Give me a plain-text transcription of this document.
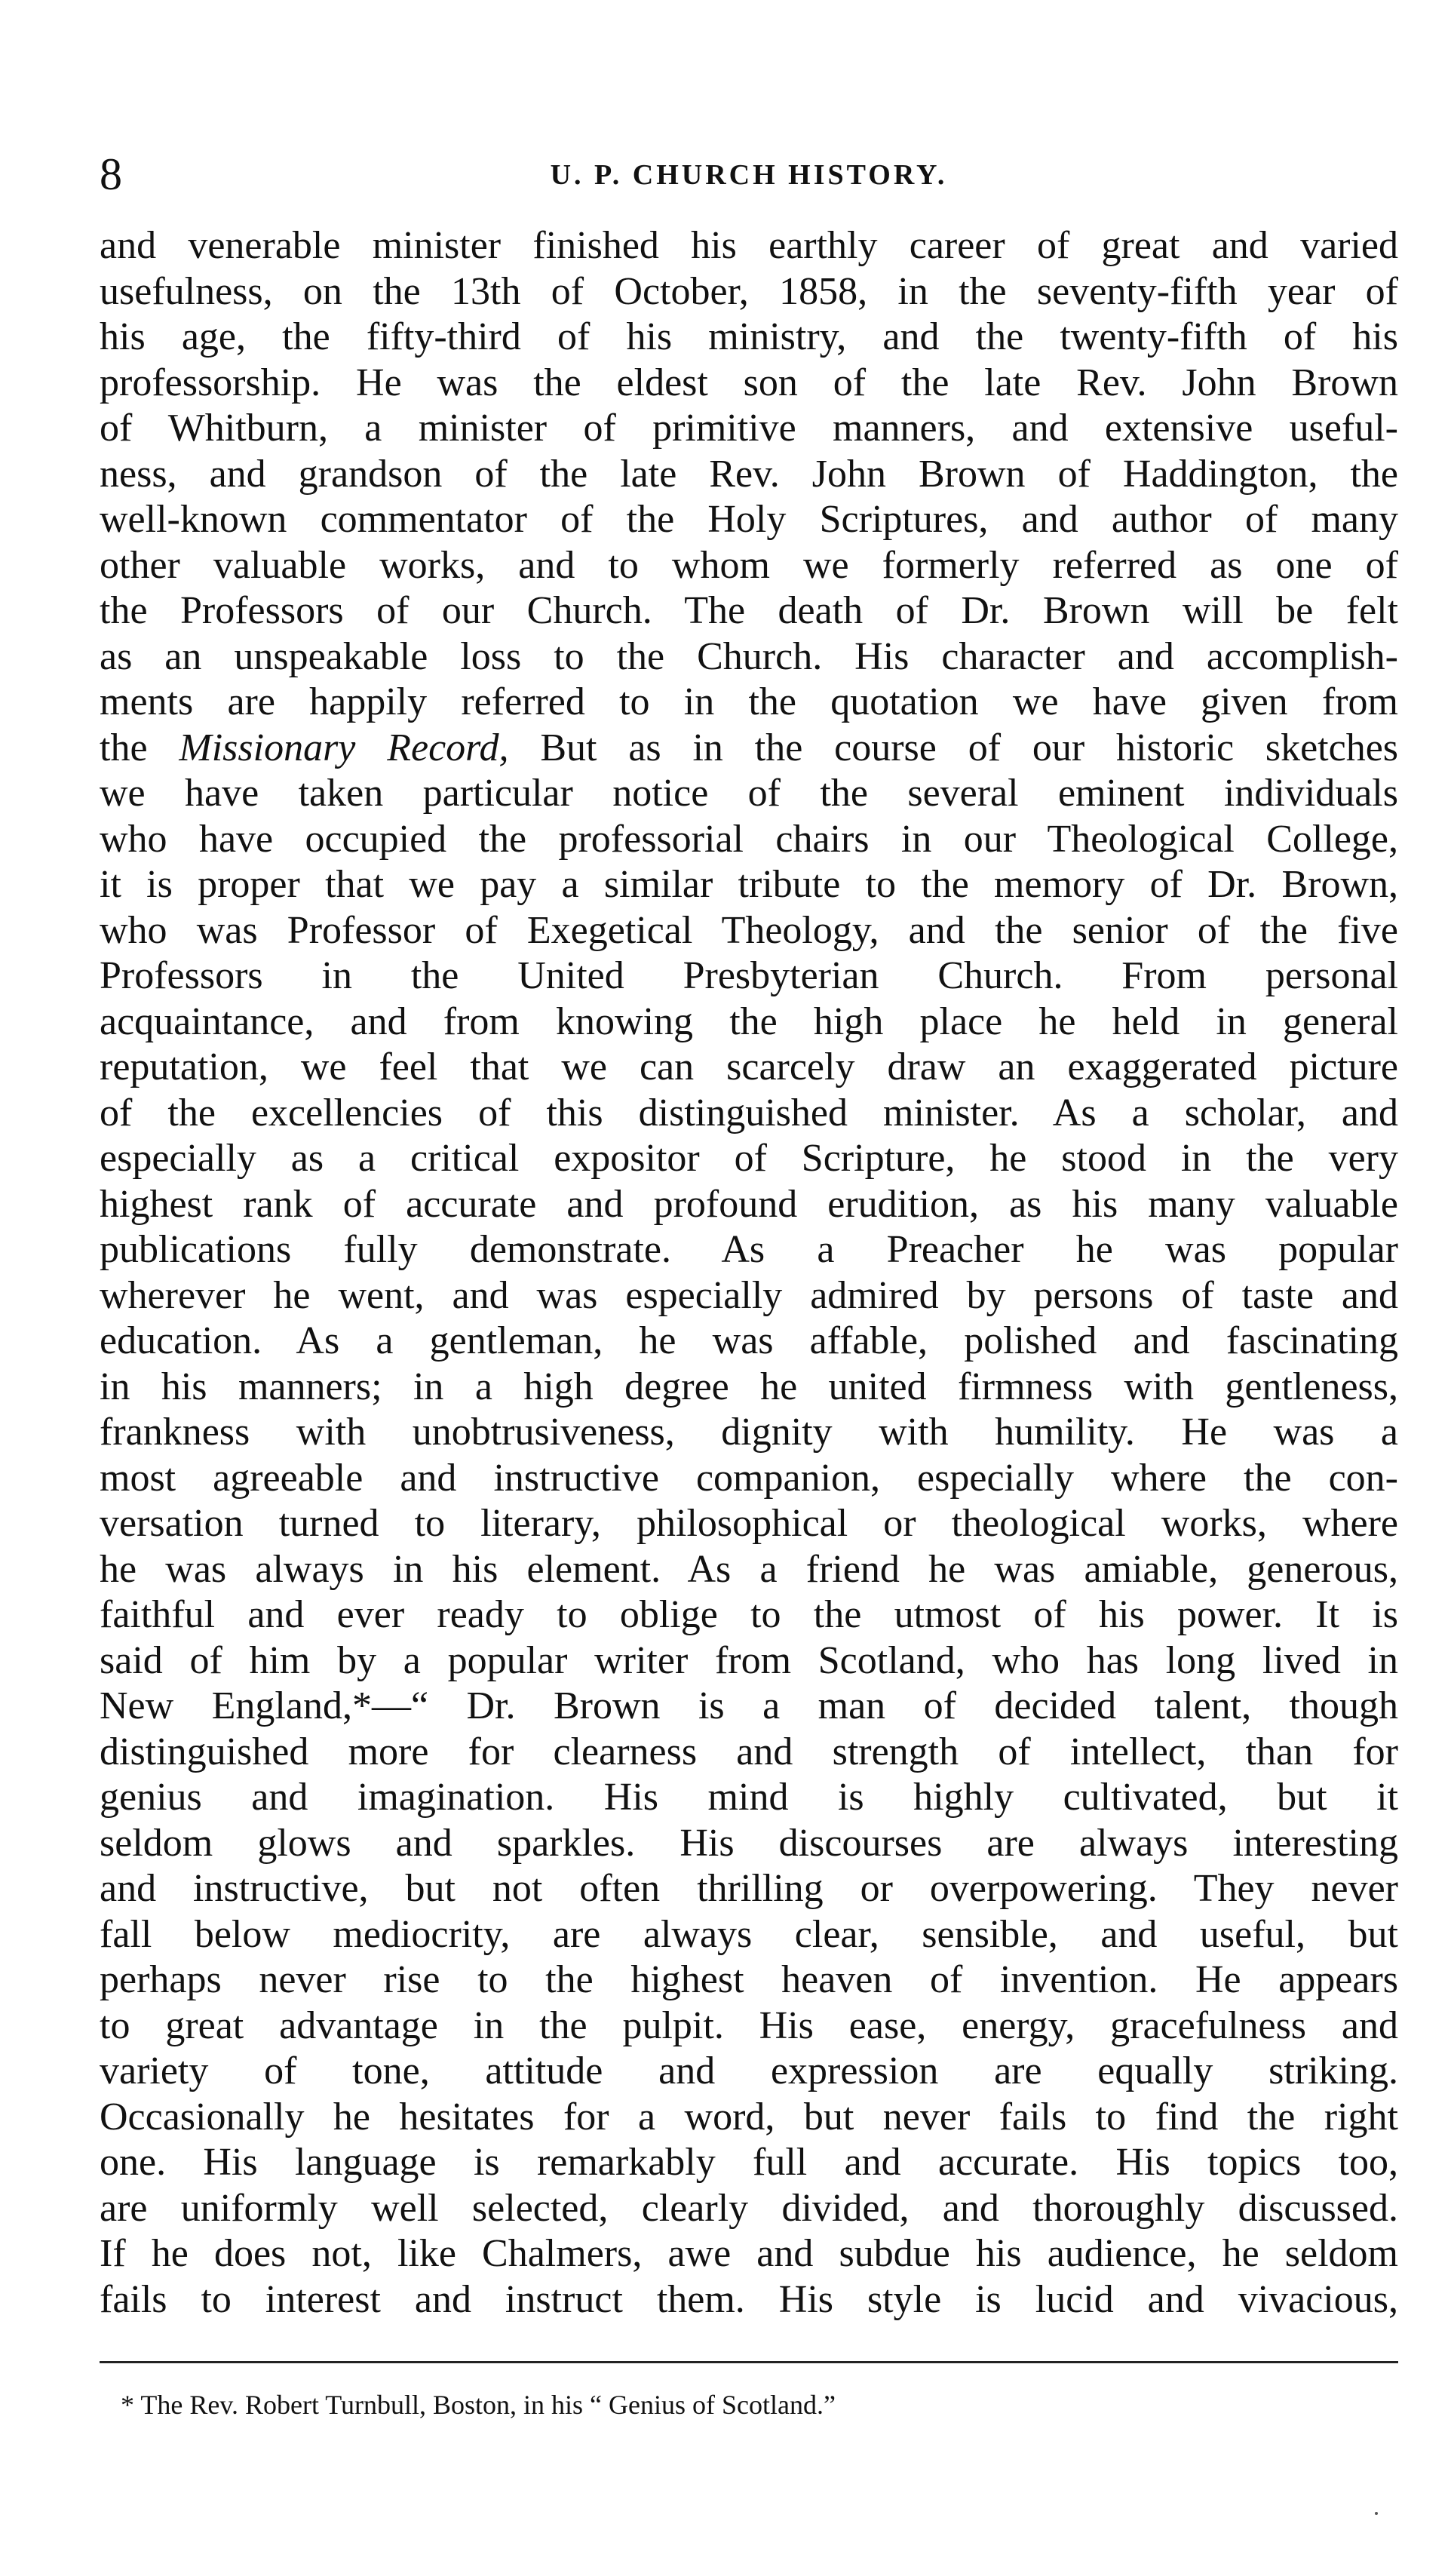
8	U. P. CHURCH HISTORY.
and venerable minister finished his earthly career of great and varied
usefulness, on the 13th of October, 1858, in the seventy-fifth year of
his age, the fifty-third of his ministry, and the twenty-fifth of his
professorship. He was the eldest son of the late Rev. John Brown
of Whitburn, a minister of primitive manners, and extensive useful-
ness, and grandson of the late Rev. John Brown of Haddington, the
well-known commentator of the Holy Scriptures, and author of many
other valuable works, and to whom we formerly referred as one of
the Professors of our Church. The death of Dr. Brown will be felt
as an unspeakable loss to the Church. His character and accomplish-
ments are happily referred to in the quotation we have given from
the Missionary Record, But as in the course of our historic sketches
we have taken particular notice of the several eminent individuals
who have occupied the professorial chairs in our Theological College,
it is proper that we pay a similar tribute to the memory of Dr. Brown,
who was Professor of Exegetical Theology, and the senior of the five
Professors in the United Presbyterian Church. From personal
acquaintance, and from knowing the high place he held in general
reputation, we feel that we can scarcely draw an exaggerated picture
of the excellencies of this distinguished minister. As a scholar, and
especially as a critical expositor of Scripture, he stood in the very
highest rank of accurate and profound erudition, as his many valuable
publications fully demonstrate. As a Preacher he was popular
wherever he went, and was especially admired by persons of taste and
education. As a gentleman, he was affable, polished and fascinating
in his manners; in a high degree he united firmness with gentleness,
frankness with unobtrusiveness, dignity with humility. He was a
most agreeable and instructive companion, especially where the con-
versation turned to literary, philosophical or theological works, where
he was always in his element. As a friend he was amiable, generous,
faithful and ever ready to oblige to the utmost of his power. It is
said of him by a popular writer from Scotland, who has long lived in
New England,*—“ Dr. Brown is a man of decided talent, though
distinguished more for clearness and strength of intellect, than for
genius and imagination. His mind is highly cultivated, but it
seldom glows and sparkles. His discourses are always interesting
and instructive, but not often thrilling or overpowering. They never
fall below mediocrity, are always clear, sensible, and useful, but
perhaps never rise to the highest heaven of invention. He appears
to great advantage in the pulpit. His ease, energy, gracefulness and
variety of tone, attitude and expression are equally striking.
Occasionally he hesitates for a word, but never fails to find the right
one. His language is remarkably full and accurate. His topics too,
are uniformly well selected, clearly divided, and thoroughly discussed.
If he does not, like Chalmers, awe and subdue his audience, he seldom
fails to interest and instruct them. His style is lucid and vivacious,
* The Rev. Robert Turnbull, Boston, in his “ Genius of Scotland.”
